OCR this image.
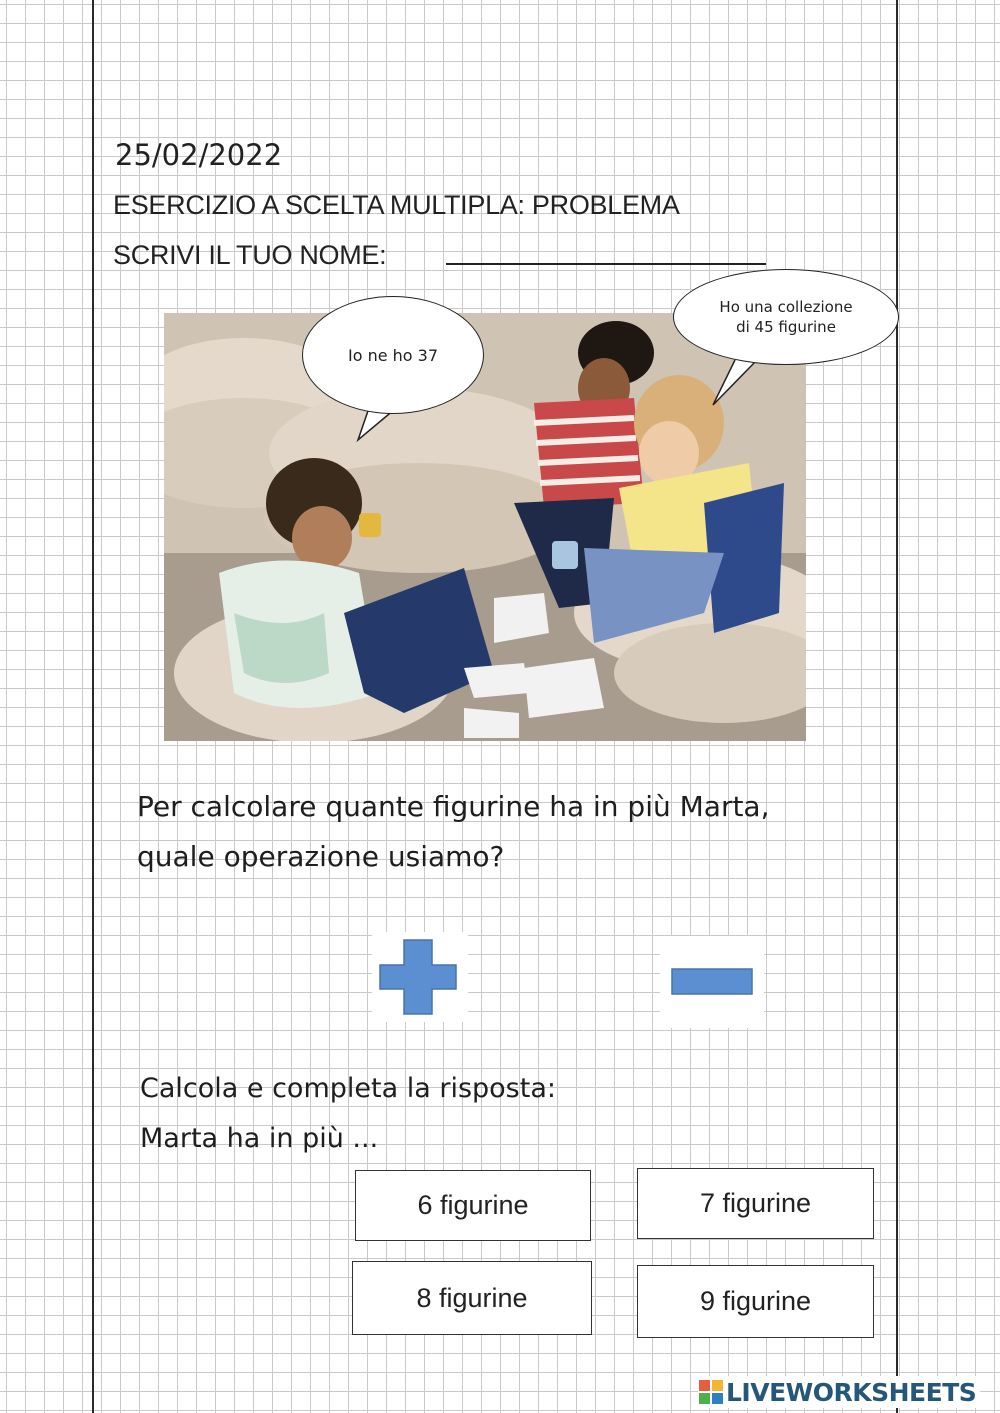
25/02/2022
ESERCIZIO A SCELTA MULTIPLA: PROBLEMA
SCRIVI IL TUO NOME:
Io ne ho 37
Ho una collezione di 45 figurine
Per calcolare quante figurine ha in più Marta,
quale operazione usiamo?
Calcola e completa la risposta:
Marta ha in più ...
6 figurine	7 figurine
8 figurine	9 figurine
LIVEWORKSHEETS
